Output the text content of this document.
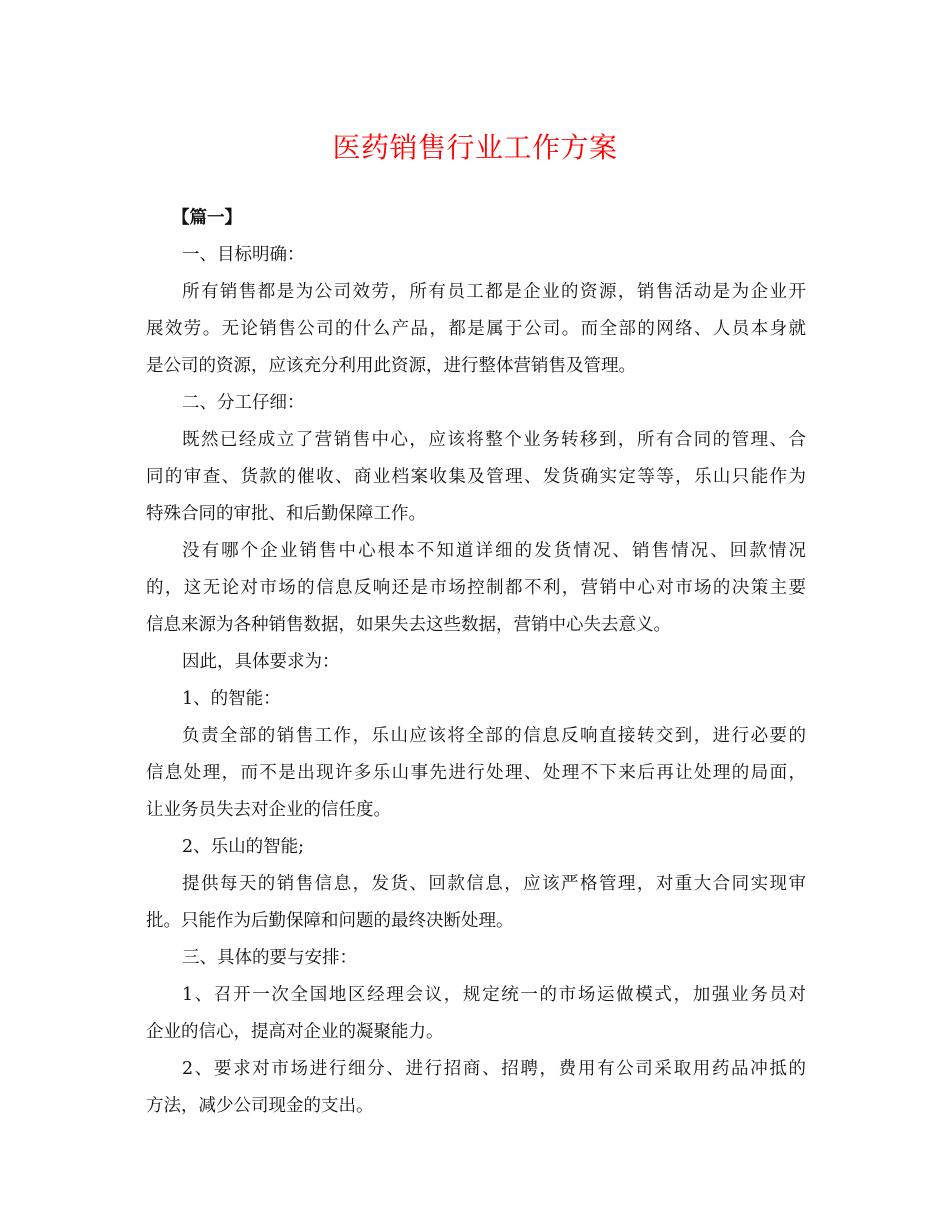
医药销售行业工作方案
【篇一】
一、目标明确：
所有销售都是为公司效劳，所有员工都是企业的资源，销售活动是为企业开
展效劳。无论销售公司的什么产品，都是属于公司。而全部的网络、人员本身就
是公司的资源，应该充分利用此资源，进行整体营销售及管理。
二、分工仔细：
既然已经成立了营销售中心，应该将整个业务转移到，所有合同的管理、合
同的审查、货款的催收、商业档案收集及管理、发货确实定等等，乐山只能作为
特殊合同的审批、和后勤保障工作。
没有哪个企业销售中心根本不知道详细的发货情况、销售情况、回款情况
的，这无论对市场的信息反响还是市场控制都不利，营销中心对市场的决策主要
信息来源为各种销售数据，如果失去这些数据，营销中心失去意义。
因此，具体要求为：
1、的智能：
负责全部的销售工作，乐山应该将全部的信息反响直接转交到，进行必要的
信息处理，而不是出现许多乐山事先进行处理、处理不下来后再让处理的局面，
让业务员失去对企业的信任度。
2、乐山的智能;
提供每天的销售信息，发货、回款信息，应该严格管理，对重大合同实现审
批。只能作为后勤保障和问题的最终决断处理。
三、具体的要与安排：
1、召开一次全国地区经理会议，规定统一的市场运做模式，加强业务员对
企业的信心，提高对企业的凝聚能力。
2、要求对市场进行细分、进行招商、招聘，费用有公司采取用药品冲抵的
方法，减少公司现金的支出。
